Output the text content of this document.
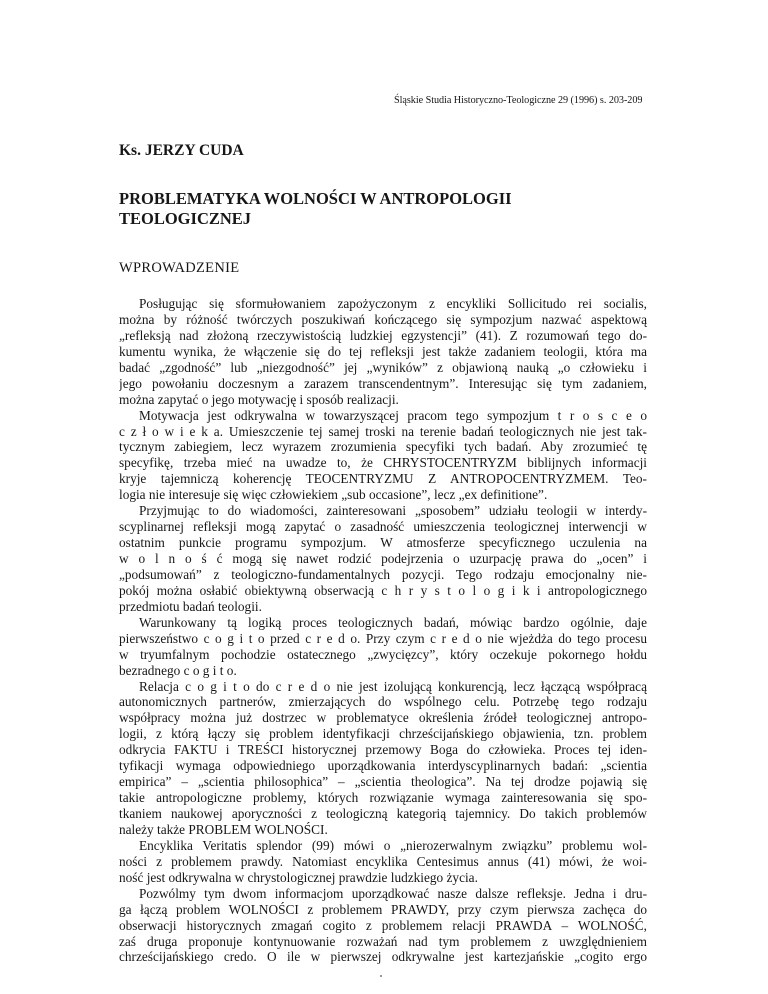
Śląskie Studia Historyczno-Teologiczne 29 (1996) s. 203-209
Ks. JERZY CUDA
PROBLEMATYKA WOLNOŚCI W ANTROPOLOGII
TEOLOGICZNEJ
WPROWADZENIE
Posługując się sformułowaniem zapożyczonym z encykliki Sollicitudo rei socialis,
można by różność twórczych poszukiwań kończącego się sympozjum nazwać aspektową
„refleksją nad złożoną rzeczywistością ludzkiej egzystencji” (41). Z rozumowań tego do-
kumentu wynika, że włączenie się do tej refleksji jest także zadaniem teologii, która ma
badać „zgodność” lub „niezgodność” jej „wyników” z objawioną nauką „o człowieku i
jego powołaniu doczesnym a zarazem transcendentnym”. Interesując się tym zadaniem,
można zapytać o jego motywację i sposób realizacji.
Motywacja jest odkrywalna w towarzyszącej pracom tego sympozjum t r o s c e o
c z ł o w i e k a. Umieszczenie tej samej troski na terenie badań teologicznych nie jest tak-
tycznym zabiegiem, lecz wyrazem zrozumienia specyfiki tych badań. Aby zrozumieć tę
specyfikę, trzeba mieć na uwadze to, że CHRYSTOCENTRYZM biblijnych informacji
kryje tajemniczą koherencję TEOCENTRYZMU Z ANTROPOCENTRYZMEM. Teo-
logia nie interesuje się więc człowiekiem „sub occasione”, lecz „ex definitione”.
Przyjmując to do wiadomości, zainteresowani „sposobem” udziału teologii w interdy-
scyplinarnej refleksji mogą zapytać o zasadność umieszczenia teologicznej interwencji w
ostatnim punkcie programu sympozjum. W atmosferze specyficznego uczulenia na
w o l n o ś ć mogą się nawet rodzić podejrzenia o uzurpację prawa do „ocen” i
„podsumowań” z teologiczno-fundamentalnych pozycji. Tego rodzaju emocjonalny nie-
pokój można osłabić obiektywną obserwacją c h r y s t o l o g i k i antropologicznego
przedmiotu badań teologii.
Warunkowany tą logiką proces teologicznych badań, mówiąc bardzo ogólnie, daje
pierwszeństwo c o g i t o przed c r e d o. Przy czym c r e d o nie wjeżdża do tego procesu
w tryumfalnym pochodzie ostatecznego „zwycięzcy”, który oczekuje pokornego hołdu
bezradnego c o g i t o.
Relacja c o g i t o do c r e d o nie jest izolującą konkurencją, lecz łączącą współpracą
autonomicznych partnerów, zmierzających do wspólnego celu. Potrzebę tego rodzaju
współpracy można już dostrzec w problematyce określenia źródeł teologicznej antropo-
logii, z którą łączy się problem identyfikacji chrześcijańskiego objawienia, tzn. problem
odkrycia FAKTU i TREŚCI historycznej przemowy Boga do człowieka. Proces tej iden-
tyfikacji wymaga odpowiedniego uporządkowania interdyscyplinarnych badań: „scientia
empirica” – „scientia philosophica” – „scientia theologica”. Na tej drodze pojawią się
takie antropologiczne problemy, których rozwiązanie wymaga zainteresowania się spo-
tkaniem naukowej aporyczności z teologiczną kategorią tajemnicy. Do takich problemów
należy także PROBLEM WOLNOŚCI.
Encyklika Veritatis splendor (99) mówi o „nierozerwalnym związku” problemu wol-
ności z problemem prawdy. Natomiast encyklika Centesimus annus (41) mówi, że woi-
ność jest odkrywalna w chrystologicznej prawdzie ludzkiego życia.
Pozwólmy tym dwom informacjom uporządkować nasze dalsze refleksje. Jedna i dru-
ga łączą problem WOLNOŚCI z problemem PRAWDY, przy czym pierwsza zachęca do
obserwacji historycznych zmagań cogito z problemem relacji PRAWDA – WOLNOŚĆ,
zaś druga proponuje kontynuowanie rozważań nad tym problemem z uwzględnieniem
chrześcijańskiego credo. O ile w pierwszej odkrywalne jest kartezjańskie „cogito ergo
